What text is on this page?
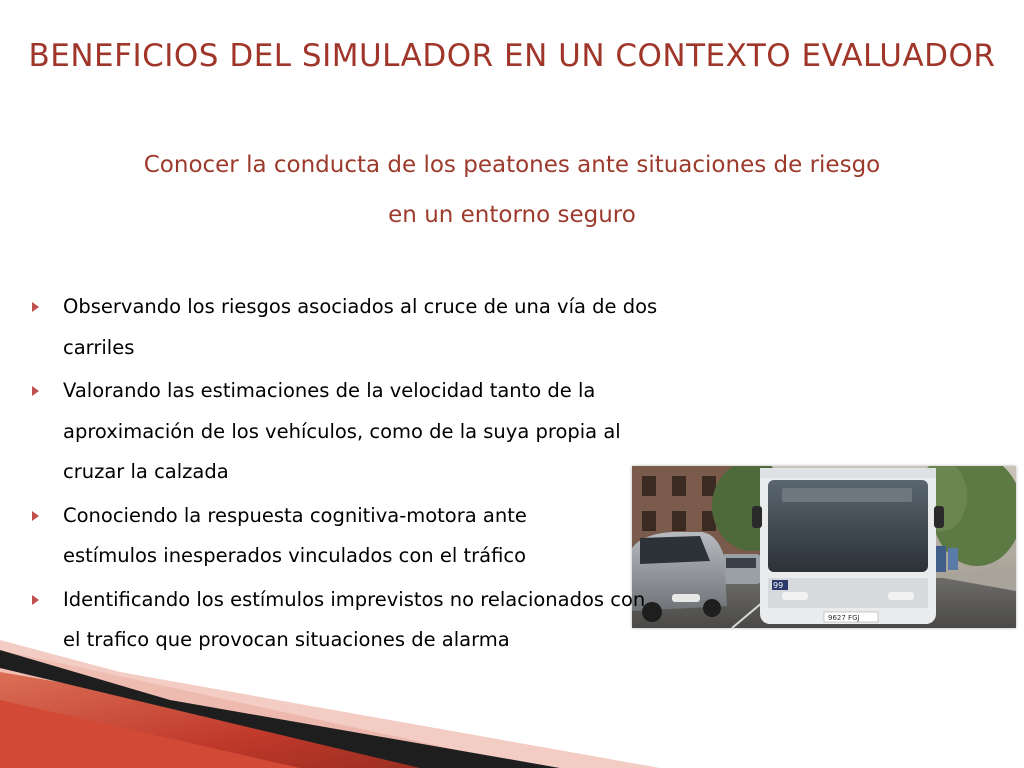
BENEFICIOS DEL SIMULADOR EN UN CONTEXTO EVALUADOR
Conocer la conducta de los peatones ante situaciones de riesgo
en un entorno seguro
Observando los riesgos asociados al cruce de una vía de dos carriles
Valorando las estimaciones de la velocidad tanto de la aproximación de los vehículos, como de la suya propia al cruzar la calzada
Conociendo la respuesta cognitiva-motora ante estímulos inesperados vinculados con el tráfico
Identificando los estímulos imprevistos no relacionados con el trafico que provocan situaciones de alarma
99
9627 FGJ
